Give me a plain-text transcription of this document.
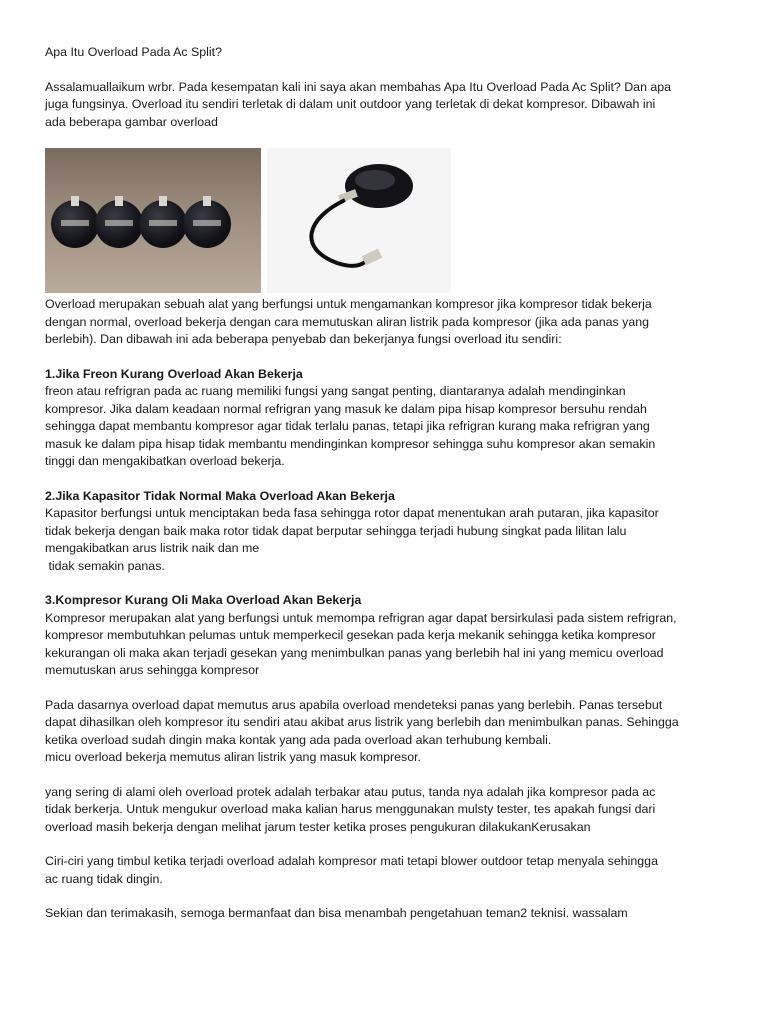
Apa Itu Overload Pada Ac Split?

Assalamuallaikum wrbr. Pada kesempatan kali ini saya akan membahas Apa Itu Overload Pada Ac Split? Dan apa

juga fungsinya. Overload itu sendiri terletak di dalam unit outdoor yang terletak di dekat kompresor. Dibawah ini

ada beberapa gambar overload

Overload merupakan sebuah alat yang berfungsi untuk mengamankan kompresor jika kompresor tidak bekerja

dengan normal, overload bekerja dengan cara memutuskan aliran listrik pada kompresor (jika ada panas yang

berlebih). Dan dibawah ini ada beberapa penyebab dan bekerjanya fungsi overload itu sendiri:

1.Jika Freon Kurang Overload Akan Bekerja

freon atau refrigran pada ac ruang memiliki fungsi yang sangat penting, diantaranya adalah mendinginkan

kompresor. Jika dalam keadaan normal refrigran yang masuk ke dalam pipa hisap kompresor bersuhu rendah

sehingga dapat membantu kompresor agar tidak terlalu panas, tetapi jika refrigran kurang maka refrigran yang

masuk ke dalam pipa hisap tidak membantu mendinginkan kompresor sehingga suhu kompresor akan semakin

tinggi dan mengakibatkan overload bekerja.

2.Jika Kapasitor Tidak Normal Maka Overload Akan Bekerja

Kapasitor berfungsi untuk menciptakan beda fasa sehingga rotor dapat menentukan arah putaran, jika kapasitor

tidak bekerja dengan baik maka rotor tidak dapat berputar sehingga terjadi hubung singkat pada lilitan lalu

mengakibatkan arus listrik naik dan me

tidak semakin panas.

3.Kompresor Kurang Oli Maka Overload Akan Bekerja

Kompresor merupakan alat yang berfungsi untuk memompa refrigran agar dapat bersirkulasi pada sistem refrigran,

kompresor membutuhkan pelumas untuk memperkecil gesekan pada kerja mekanik sehingga ketika kompresor

kekurangan oli maka akan terjadi gesekan yang menimbulkan panas yang berlebih hal ini yang memicu overload

memutuskan arus sehingga kompresor

Pada dasarnya overload dapat memutus arus apabila overload mendeteksi panas yang berlebih. Panas tersebut

dapat dihasilkan oleh kompresor itu sendiri atau akibat arus listrik yang berlebih dan menimbulkan panas. Sehingga

ketika overload sudah dingin maka kontak yang ada pada overload akan terhubung kembali.

micu overload bekerja memutus aliran listrik yang masuk kompresor.

yang sering di alami oleh overload protek adalah terbakar atau putus, tanda nya adalah jika kompresor pada ac

tidak berkerja. Untuk mengukur overload maka kalian harus menggunakan mulsty tester, tes apakah fungsi dari

overload masih bekerja dengan melihat jarum tester ketika proses pengukuran dilakukanKerusakan

Ciri-ciri yang timbul ketika terjadi overload adalah kompresor mati tetapi blower outdoor tetap menyala sehingga

ac ruang tidak dingin.

Sekian dan terimakasih, semoga bermanfaat dan bisa menambah pengetahuan teman2 teknisi. wassalam
